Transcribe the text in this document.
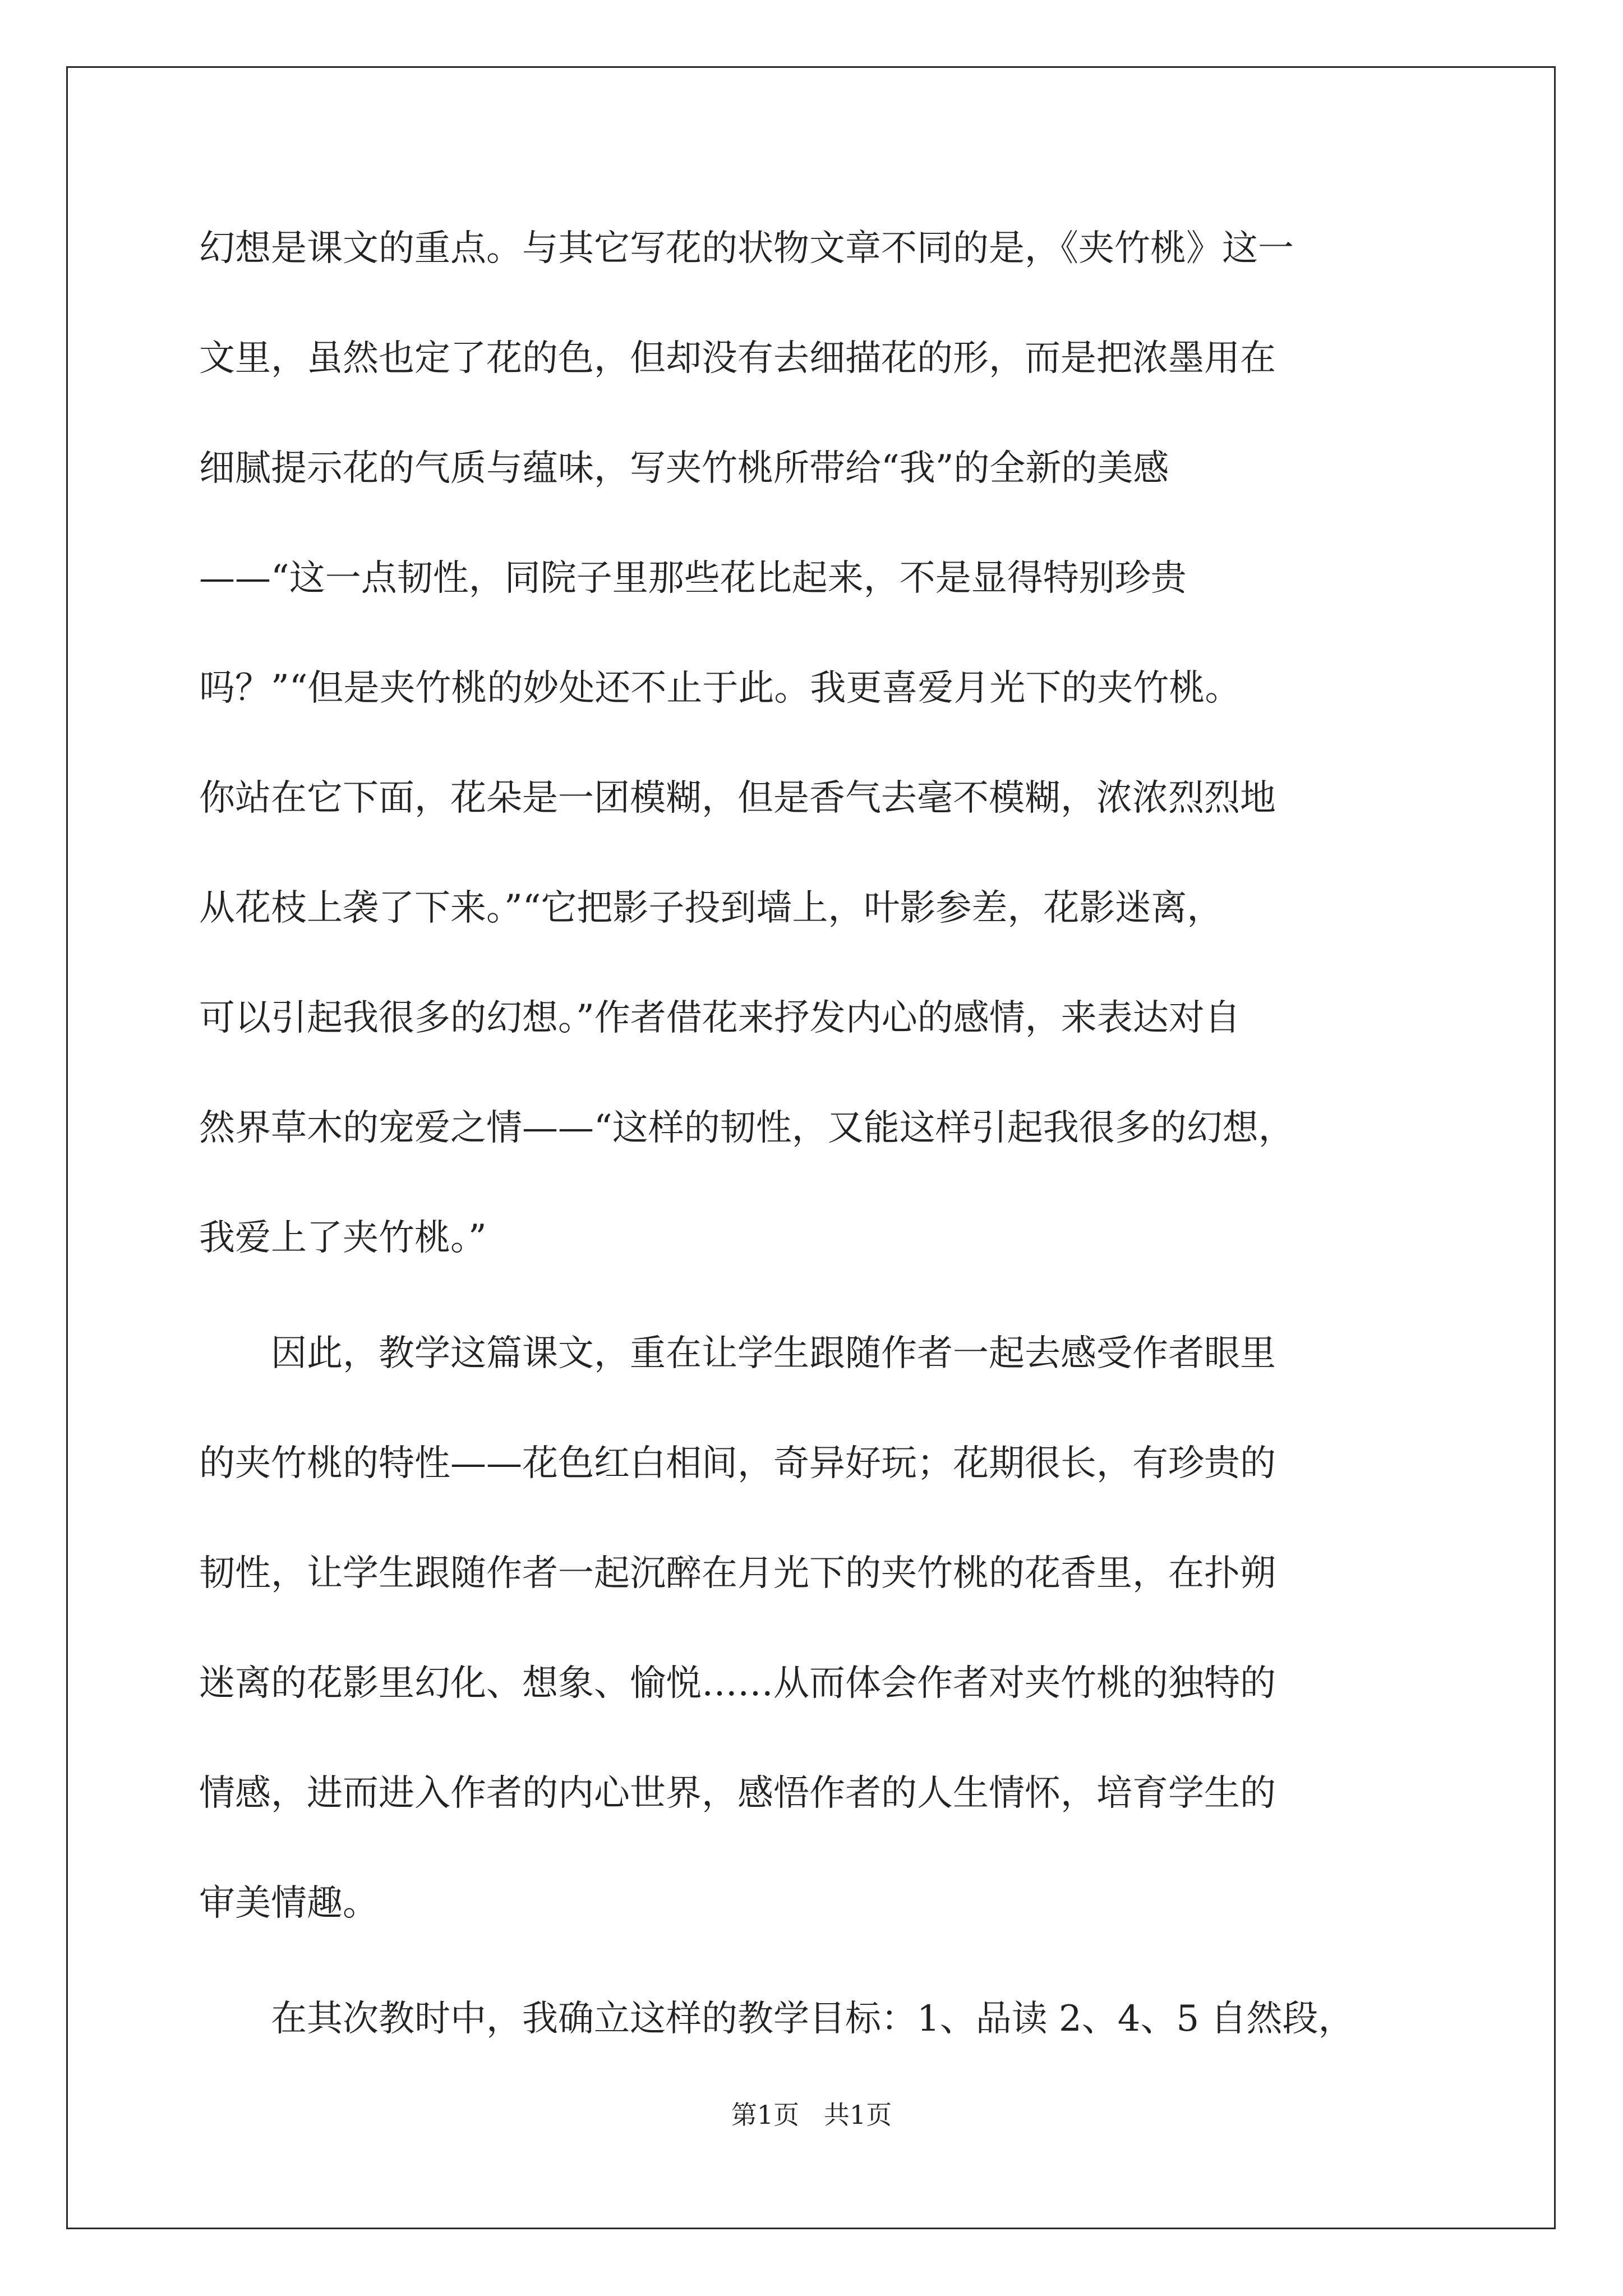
幻想是课文的重点。与其它写花的状物文章不同的是，《夹竹桃》这一
文里，虽然也定了花的色，但却没有去细描花的形，而是把浓墨用在
细腻提示花的气质与蕴味，写夹竹桃所带给“我”的全新的美感
——“这一点韧性，同院子里那些花比起来，不是显得特别珍贵
吗？”“但是夹竹桃的妙处还不止于此。我更喜爱月光下的夹竹桃。
你站在它下面，花朵是一团模糊，但是香气去毫不模糊，浓浓烈烈地
从花枝上袭了下来。”“它把影子投到墙上，叶影参差，花影迷离，
可以引起我很多的幻想。”作者借花来抒发内心的感情，来表达对自
然界草木的宠爱之情——“这样的韧性，又能这样引起我很多的幻想，
我爱上了夹竹桃。”
因此，教学这篇课文，重在让学生跟随作者一起去感受作者眼里
的夹竹桃的特性——花色红白相间，奇异好玩；花期很长，有珍贵的
韧性，让学生跟随作者一起沉醉在月光下的夹竹桃的花香里，在扑朔
迷离的花影里幻化、想象、愉悦……从而体会作者对夹竹桃的独特的
情感，进而进入作者的内心世界，感悟作者的人生情怀，培育学生的
审美情趣。
在其次教时中，我确立这样的教学目标：1、品读 2、4、5 自然段，
第1页   共1页
